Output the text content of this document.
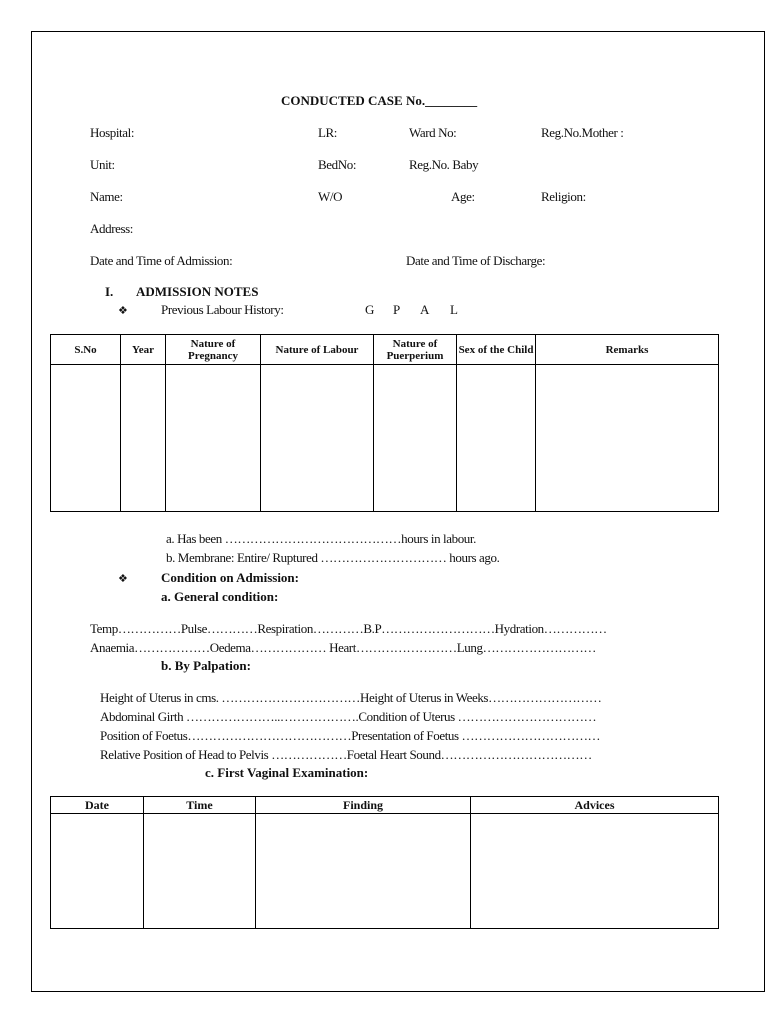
CONDUCTED CASE No.________
Hospital:	LR:	Ward No:	Reg.No.Mother :
Unit:	BedNo:	Reg.No. Baby
Name:	W/O	Age:	Religion:
Address:
Date and Time of Admission:	Date and Time of Discharge:
I. ADMISSION NOTES
❖	Previous Labour History:	G P A L
S.No	Year	Nature of Pregnancy	Nature of Labour	Nature of Puerperium	Sex of the Child	Remarks

a. Has been ……………………………………hours in labour.
b. Membrane: Entire/ Ruptured ………………………… hours ago.
❖	Condition on Admission:
a. General condition:
Temp……………Pulse…………Respiration…………B.P………………………Hydration……………
Anaemia………………Oedema……………… Heart……………………Lung………………………
b. By Palpation:
Height of Uterus in cms. ……………………………Height of Uterus in Weeks………………………
Abdominal Girth …………………..……………….Condition of Uterus ……………………………
Position of Foetus…………………………………Presentation of Foetus ……………………………
Relative Position of Head to Pelvis ………………Foetal Heart Sound………………………………
c. First Vaginal Examination:
Date	Time	Finding	Advices
